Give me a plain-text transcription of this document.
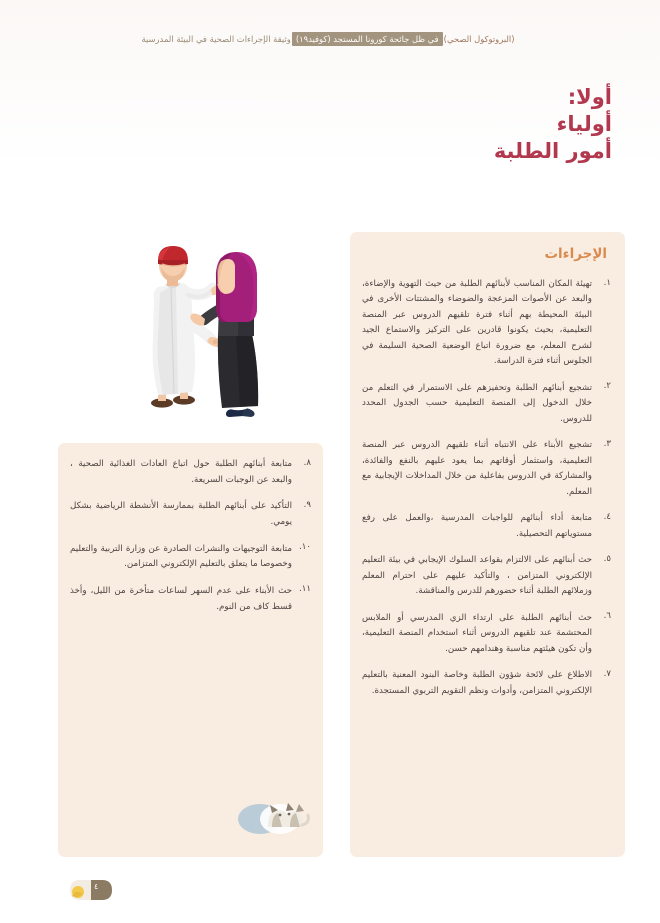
(البروتوكول الصحي)
في ظل جائحة كورونا المستجد (كوفيد١٩)
وثيقة الإجراءات الصحية في البيئة المدرسية
أولا:
أولياء
أمور الطلبة
الإجراءات
١.
تهيئة المكان المناسب لأبنائهم الطلبة من حيث التهوية والإضاءة، والبعد عن الأصوات المزعجة والضوضاء والمشتتات الأخرى في البيئة المحيطة بهم أثناء فترة تلقيهم الدروس عبر المنصة التعليمية، بحيث يكونوا قادرين على التركيز والاستماع الجيد لشرح المعلم، مع ضرورة اتباع الوضعية الصحية السليمة في الجلوس أثناء فترة الدراسة.
٢.
تشجيع أبنائهم الطلبة وتحفيزهم على الاستمرار في التعلم من خلال الدخول إلى المنصة التعليمية حسب الجدول المحدد للدروس.
٣.
تشجيع الأبناء على الانتباه أثناء تلقيهم الدروس عبر المنصة التعليمية، واستثمار أوقاتهم بما يعود عليهم بالنفع والفائدة، والمشاركة في الدروس بفاعلية من خلال المداخلات الإيجابية مع المعلم.
٤.
متابعة أداء أبنائهم للواجبات المدرسية ،والعمل على رفع مستوياتهم التحصيلية.
٥.
حث أبنائهم على الالتزام بقواعد السلوك الإيجابي في بيئة التعليم الإلكتروني المتزامن ، والتأكيد عليهم على احترام المعلم وزملائهم الطلبة أثناء حضورهم للدرس والمناقشة.
٦.
حث أبنائهم الطلبة على ارتداء الزي المدرسي أو الملابس المحتشمة عند تلقيهم الدروس أثناء استخدام المنصة التعليمية، وأن تكون هيئتهم مناسبة وهندامهم حسن.
٧.
الاطلاع على لائحة شؤون الطلبة وخاصة البنود المعنية بالتعليم الإلكتروني المتزامن، وأدوات ونظم التقويم التربوي المستجدة.
٨.
متابعة أبنائهم الطلبة حول اتباع العادات الغذائية الصحية ، والبعد عن الوجبات السريعة.
٩.
التأكيد على أبنائهم الطلبة بممارسة الأنشطة الرياضية بشكل يومي.
١٠.
متابعة التوجيهات والنشرات الصادرة عن وزارة التربية والتعليم وخصوصا ما يتعلق بالتعليم الإلكتروني المتزامن.
١١.
حث الأبناء على عدم السهر لساعات متأخرة من الليل، وأخذ قسط كاف من النوم.
٤
